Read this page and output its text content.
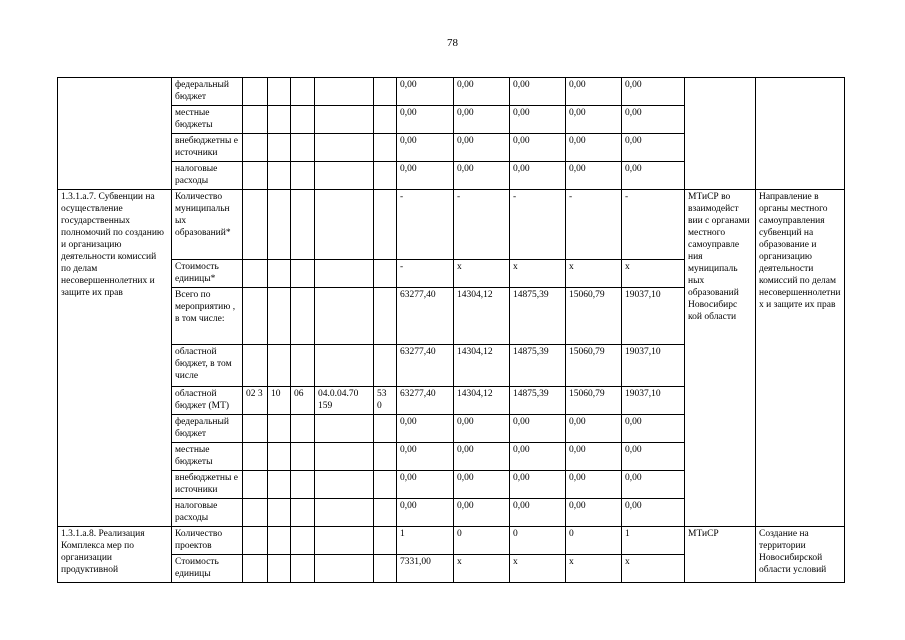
78
	федеральный бюджет						0,00	0,00	0,00	0,00	0,00		
	местные бюджеты						0,00	0,00	0,00	0,00	0,00		
	внебюджетны е источники						0,00	0,00	0,00	0,00	0,00		
	налоговые расходы						0,00	0,00	0,00	0,00	0,00		
1.3.1.a.7. Субвенции на осуществление государственных полномочий по созданию и организацию деятельности комиссий по делам несовершеннолетних и защите их прав	Количество муниципальн ых образований*						-	-	-	-	-	МТиСР во взаимодейст вии с органами местного самоуправле ния муниципаль ных образований Новосибирс кой области	Направление в органы местного самоуправления субвенций на образование и организацию деятельности комиссий по делам несовершеннолетни х и защите их прав
	Стоимость единицы*						-	х	х	х	х		
	Всего по мероприятию , в том числе:						63277,40	14304,12	14875,39	15060,79	19037,10		
	областной бюджет, в том числе						63277,40	14304,12	14875,39	15060,79	19037,10		
	областной бюджет (МТ)	02 3	10	06	04.0.04.70 159	53 0	63277,40	14304,12	14875,39	15060,79	19037,10		
	федеральный бюджет						0,00	0,00	0,00	0,00	0,00		
	местные бюджеты						0,00	0,00	0,00	0,00	0,00		
	внебюджетны е источники						0,00	0,00	0,00	0,00	0,00		
	налоговые расходы						0,00	0,00	0,00	0,00	0,00		
1.3.1.a.8. Реализация Комплекса мер по организации продуктивной	Количество проектов						1	0	0	0	1	МТиСР	Создание на территории Новосибирской области условий
	Стоимость единицы						7331,00	х	х	х	х		
